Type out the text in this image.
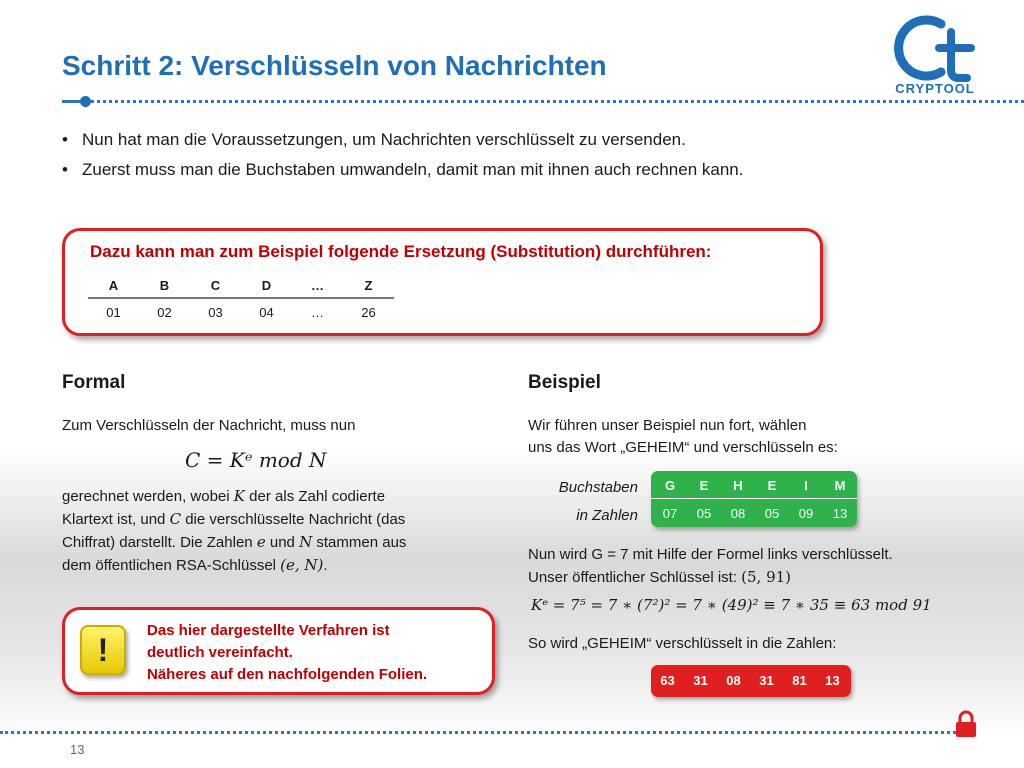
Schritt 2: Verschlüsseln von Nachrichten
CRYPTOOL
• Nun hat man die Voraussetzungen, um Nachrichten verschlüsselt zu versenden.
• Zuerst muss man die Buchstaben umwandeln, damit man mit ihnen auch rechnen kann.
Dazu kann man zum Beispiel folgende Ersetzung (Substitution) durchführen:
A	B	C	D	…	Z
01	02	03	04	…	26
Formal
Zum Verschlüsseln der Nachricht, muss nun
C = Kᵉ mod N
gerechnet werden, wobei K der als Zahl codierte
Klartext ist, und C die verschlüsselte Nachricht (das
Chiffrat) darstellt. Die Zahlen e und N stammen aus
dem öffentlichen RSA-Schlüssel (e, N).
!
Das hier dargestellte Verfahren ist
deutlich vereinfacht.
Näheres auf den nachfolgenden Folien.
Beispiel
Wir führen unser Beispiel nun fort, wählen
uns das Wort „GEHEIM“ und verschlüsseln es:
Buchstaben
in Zahlen
G	E	H	E	I	M
07	05	08	05	09	13
Nun wird G = 7 mit Hilfe der Formel links verschlüsselt.
Unser öffentlicher Schlüssel ist: (5, 91)
Kᵉ = 7⁵ = 7 ∗ (7²)² = 7 ∗ (49)² ≡ 7 ∗ 35 ≡ 63 mod 91
So wird „GEHEIM“ verschlüsselt in die Zahlen:
63	31	08	31	81	13
13
